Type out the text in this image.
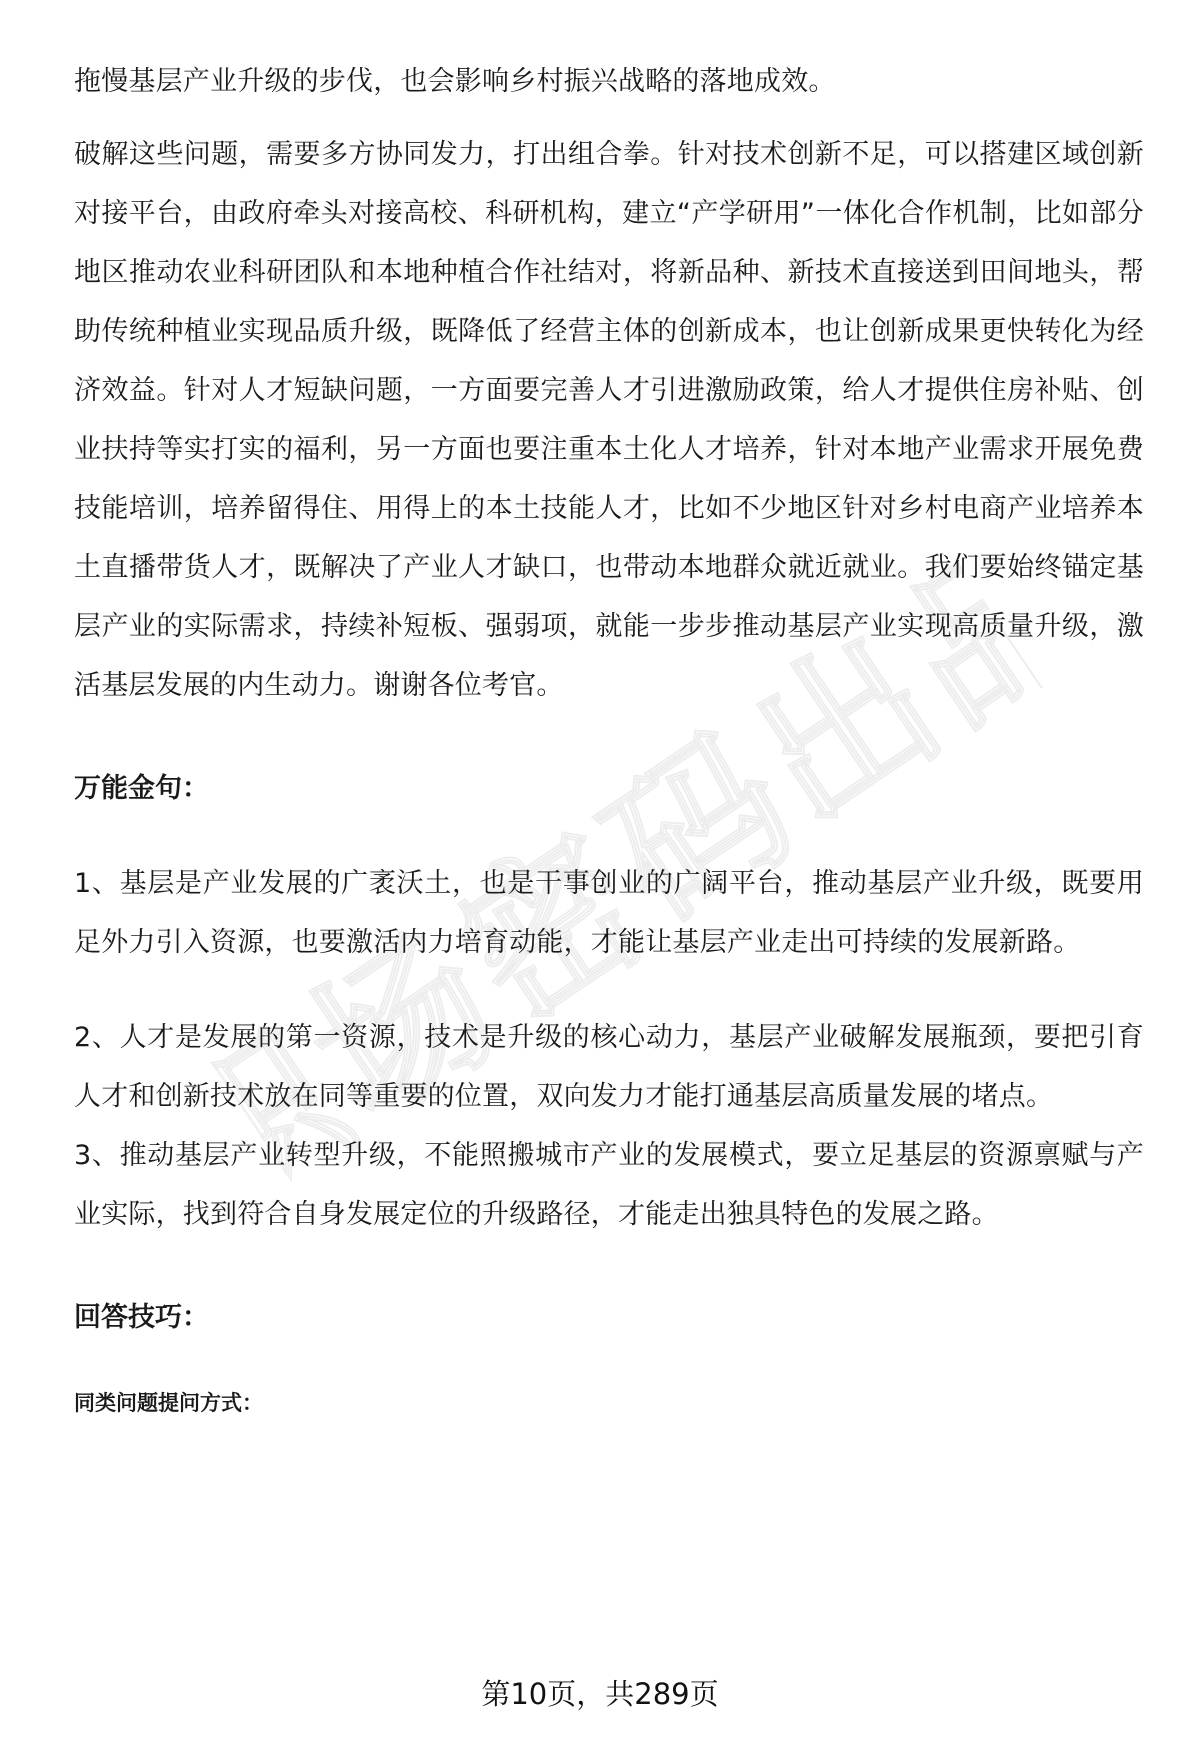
职场密码出品

拖慢基层产业升级的步伐，也会影响乡村振兴战略的落地成效。

破解这些问题，需要多方协同发力，打出组合拳。针对技术创新不足，可以搭建区域创新对接平台，由政府牵头对接高校、科研机构，建立“产学研用”一体化合作机制，比如部分地区推动农业科研团队和本地种植合作社结对，将新品种、新技术直接送到田间地头，帮助传统种植业实现品质升级，既降低了经营主体的创新成本，也让创新成果更快转化为经济效益。针对人才短缺问题，一方面要完善人才引进激励政策，给人才提供住房补贴、创业扶持等实打实的福利，另一方面也要注重本土化人才培养，针对本地产业需求开展免费技能培训，培养留得住、用得上的本土技能人才，比如不少地区针对乡村电商产业培养本土直播带货人才，既解决了产业人才缺口，也带动本地群众就近就业。我们要始终锚定基层产业的实际需求，持续补短板、强弱项，就能一步步推动基层产业实现高质量升级，激活基层发展的内生动力。谢谢各位考官。

万能金句：

1、基层是产业发展的广袤沃土，也是干事创业的广阔平台，推动基层产业升级，既要用足外力引入资源，也要激活内力培育动能，才能让基层产业走出可持续的发展新路。

2、人才是发展的第一资源，技术是升级的核心动力，基层产业破解发展瓶颈，要把引育人才和创新技术放在同等重要的位置，双向发力才能打通基层高质量发展的堵点。

3、推动基层产业转型升级，不能照搬城市产业的发展模式，要立足基层的资源禀赋与产业实际，找到符合自身发展定位的升级路径，才能走出独具特色的发展之路。

回答技巧：
同类问题提问方式：
第10页，共289页
